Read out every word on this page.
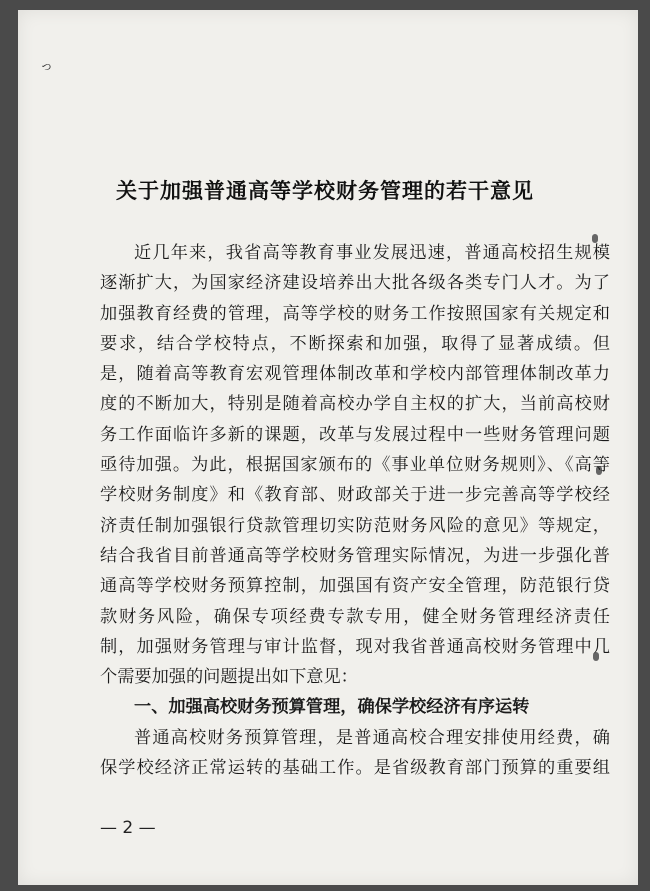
っ
关于加强普通高等学校财务管理的若干意见
近几年来，我省高等教育事业发展迅速，普通高校招生规模
逐渐扩大，为国家经济建设培养出大批各级各类专门人才。为了
加强教育经费的管理，高等学校的财务工作按照国家有关规定和
要求，结合学校特点，不断探索和加强，取得了显著成绩。但
是，随着高等教育宏观管理体制改革和学校内部管理体制改革力
度的不断加大，特别是随着高校办学自主权的扩大，当前高校财
务工作面临许多新的课题，改革与发展过程中一些财务管理问题
亟待加强。为此，根据国家颁布的《事业单位财务规则》、《高等
学校财务制度》和《教育部、财政部关于进一步完善高等学校经
济责任制加强银行贷款管理切实防范财务风险的意见》等规定，
结合我省目前普通高等学校财务管理实际情况，为进一步强化普
通高等学校财务预算控制，加强国有资产安全管理，防范银行贷
款财务风险，确保专项经费专款专用，健全财务管理经济责任
制，加强财务管理与审计监督，现对我省普通高校财务管理中几
个需要加强的问题提出如下意见：
一、加强高校财务预算管理，确保学校经济有序运转
普通高校财务预算管理，是普通高校合理安排使用经费，确
保学校经济正常运转的基础工作。是省级教育部门预算的重要组
— 2 —
